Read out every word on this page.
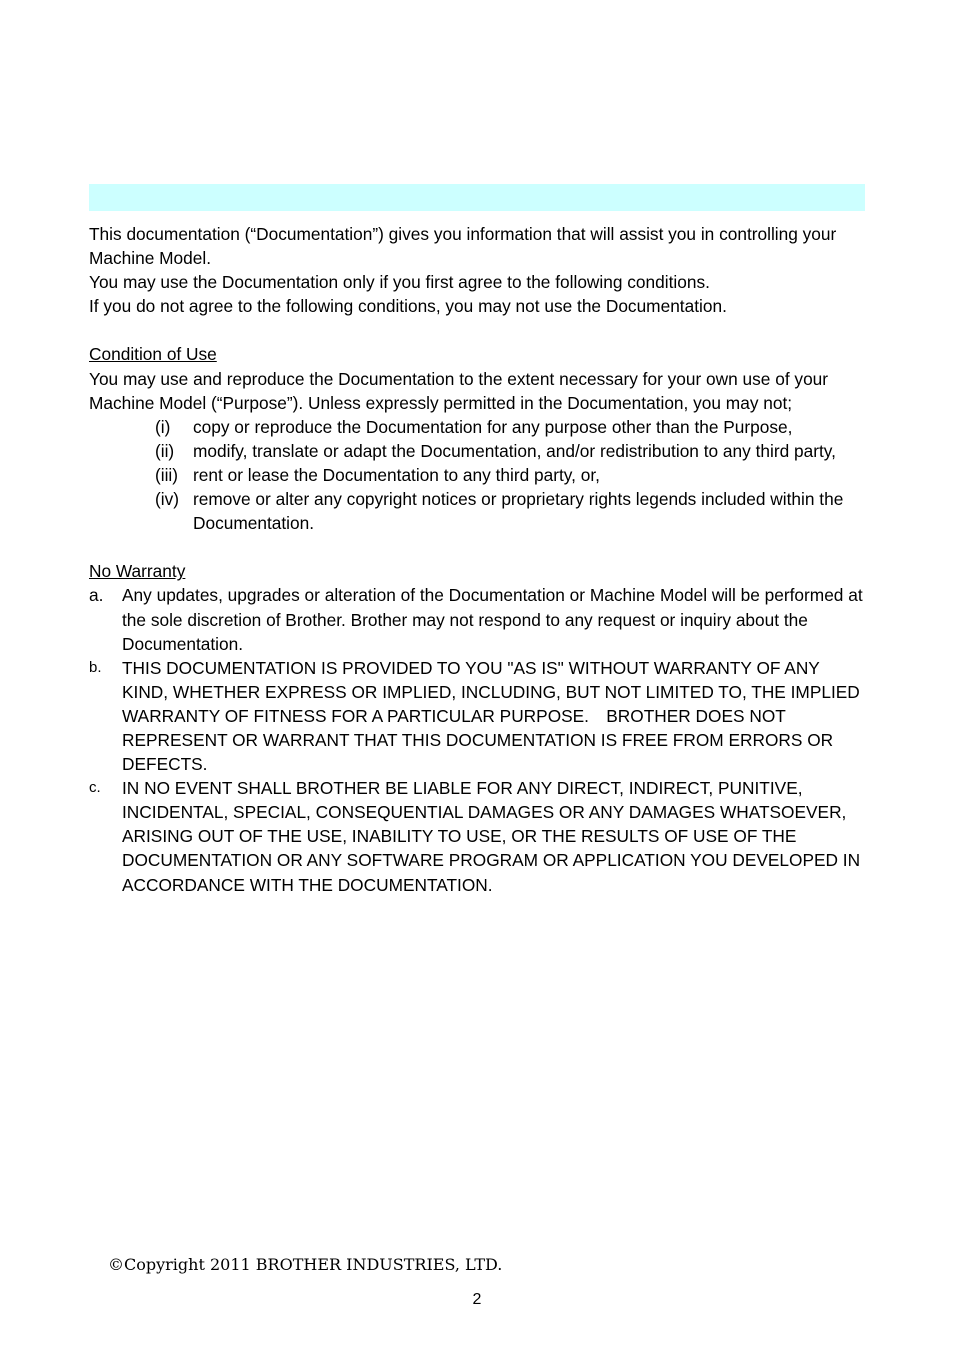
This documentation (“Documentation”) gives you information that will assist you in controlling your Machine Model.

You may use the Documentation only if you first agree to the following conditions.

If you do not agree to the following conditions, you may not use the Documentation.

Condition of Use

You may use and reproduce the Documentation to the extent necessary for your own use of your Machine Model (“Purpose”). Unless expressly permitted in the Documentation, you may not;

(i)	copy or reproduce the Documentation for any purpose other than the Purpose,
(ii)	modify, translate or adapt the Documentation, and/or redistribution to any third party,
(iii) rent or lease the Documentation to any third party, or,
(iv) remove or alter any copyright notices or proprietary rights legends included within the Documentation.

No Warranty

a.	Any updates, upgrades or alteration of the Documentation or Machine Model will be performed at the sole discretion of Brother. Brother may not respond to any request or inquiry about the Documentation.
b.	THIS DOCUMENTATION IS PROVIDED TO YOU "AS IS" WITHOUT WARRANTY OF ANY KIND, WHETHER EXPRESS OR IMPLIED, INCLUDING, BUT NOT LIMITED TO, THE IMPLIED WARRANTY OF FITNESS FOR A PARTICULAR PURPOSE.　BROTHER DOES NOT REPRESENT OR WARRANT THAT THIS DOCUMENTATION IS FREE FROM ERRORS OR DEFECTS.
c.	IN NO EVENT SHALL BROTHER BE LIABLE FOR ANY DIRECT, INDIRECT, PUNITIVE, INCIDENTAL, SPECIAL, CONSEQUENTIAL DAMAGES OR ANY DAMAGES WHATSOEVER, ARISING OUT OF THE USE, INABILITY TO USE, OR THE RESULTS OF USE OF THE DOCUMENTATION OR ANY SOFTWARE PROGRAM OR APPLICATION YOU DEVELOPED IN ACCORDANCE WITH THE DOCUMENTATION.
©Copyright 2011 BROTHER INDUSTRIES, LTD.
2
